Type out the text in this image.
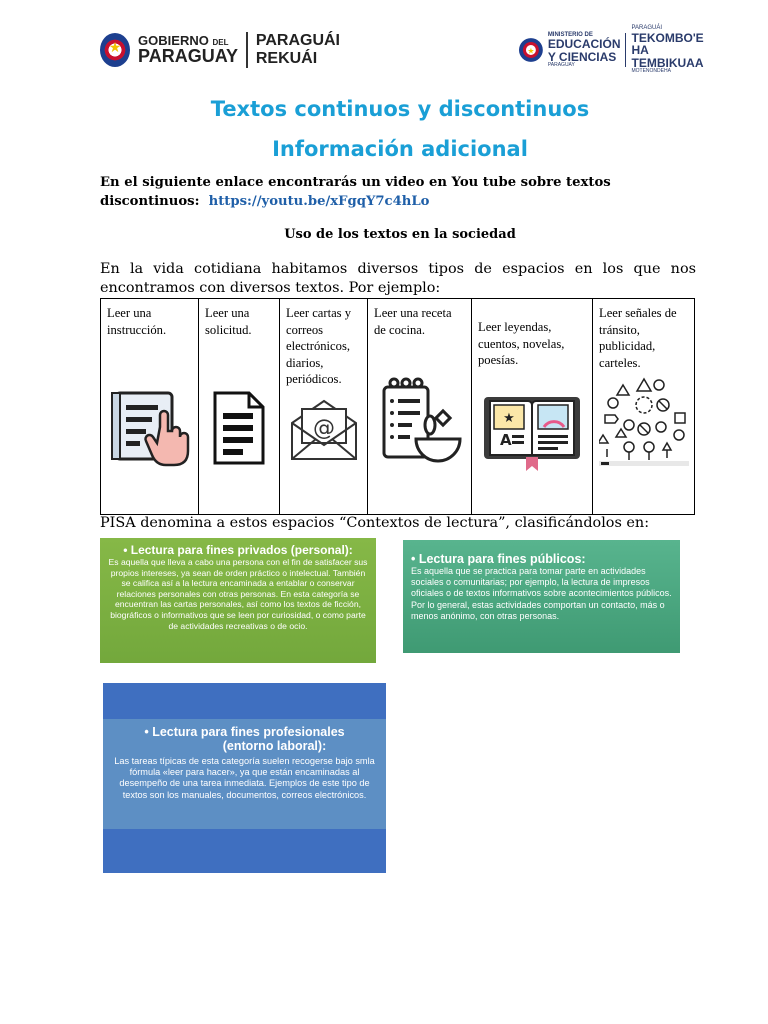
★
GOBIERNO DEL
PARAGUAY
PARAGUÁI
REKUÁI	★
MINISTERIO DE
EDUCACIÓN
Y CIENCIAS
PARAGUAY
PARAGUÁI
TEKOMBO'E
HA TEMBIKUAA
MOTENONDEHA
Textos continuos y discontinuos
Información adicional
En el siguiente enlace encontrarás un video en You tube sobre textos discontinuos: https://youtu.be/xFgqY7c4hLo
Uso de los textos en la sociedad
En la vida cotidiana habitamos diversos tipos de espacios en los que nos encontramos con diversos textos. Por ejemplo:
Leer una instrucción.
Leer una solicitud.
Leer cartas y correos electrónicos, diarios, periódicos.
@
Leer una receta de cocina.	Leer leyendas, cuentos, novelas, poesías.
★
A
Leer señales de tránsito, publicidad, carteles.
PISA denomina a estos espacios “Contextos de lectura”, clasificándolos en:
• Lectura para fines privados (personal):
Es aquella que lleva a cabo una persona con el fin de satisfacer sus propios intereses, ya sean de orden práctico o intelectual. También se califica así a la lectura encaminada a entablar o conservar relaciones personales con otras personas. En esta categoría se encuentran las cartas personales, así como los textos de ficción, biográficos o informativos que se leen por curiosidad, o como parte de actividades recreativas o de ocio.
• Lectura para fines públicos:
Es aquella que se practica para tomar parte en actividades sociales o comunitarias; por ejemplo, la lectura de impresos oficiales o de textos informativos sobre acontecimientos públicos. Por lo general, estas actividades comportan un contacto, más o menos anónimo, con otras personas.
• Lectura para fines profesionales
(entorno laboral):
Las tareas típicas de esta categoría suelen recogerse bajo smla fórmula «leer para hacer», ya que están encaminadas al desempeño de una tarea inmediata. Ejemplos de este tipo de textos son los manuales, documentos, correos electrónicos.
